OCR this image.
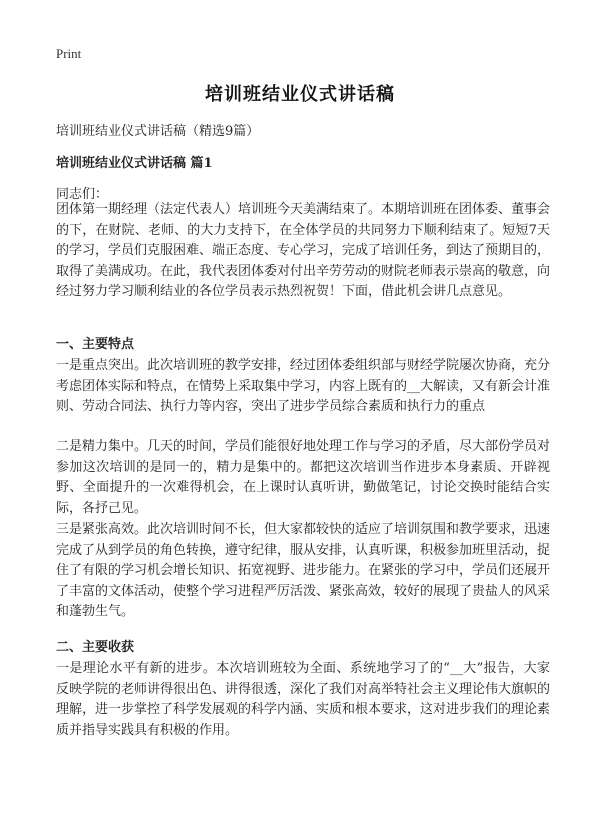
Print
培训班结业仪式讲话稿
培训班结业仪式讲话稿（精选9篇）
培训班结业仪式讲话稿 篇1
同志们：

团体第一期经理（法定代表人）培训班今天美满结束了。本期培训班在团体委、董事会的下，在财院、老师、的大力支持下，在全体学员的共同努力下顺利结束了。短短7天的学习，学员们克服困难、端正态度、专心学习，完成了培训任务，到达了预期目的，取得了美满成功。在此，我代表团体委对付出辛劳劳动的财院老师表示崇高的敬意，向经过努力学习顺利结业的各位学员表示热烈祝贺！下面，借此机会讲几点意见。

一、主要特点

一是重点突出。此次培训班的教学安排，经过团体委组织部与财经学院屡次协商，充分考虑团体实际和特点，在情势上采取集中学习，内容上既有的__大解读，又有新会计准则、劳动合同法、执行力等内容，突出了进步学员综合素质和执行力的重点

二是精力集中。几天的时间，学员们能很好地处理工作与学习的矛盾，尽大部份学员对参加这次培训的是同一的，精力是集中的。都把这次培训当作进步本身素质、开辟视野、全面提升的一次难得机会，在上课时认真听讲，勤做笔记，讨论交换时能结合实际，各抒己见。

三是紧张高效。此次培训时间不长，但大家都较快的适应了培训氛围和教学要求，迅速完成了从到学员的角色转换，遵守纪律，服从安排，认真听课，积极参加班里活动，捉住了有限的学习机会增长知识、拓宽视野、进步能力。在紧张的学习中，学员们还展开了丰富的文体活动，使整个学习进程严厉活泼、紧张高效，较好的展现了贵盐人的风采和蓬勃生气。

二、主要收获

一是理论水平有新的进步。本次培训班较为全面、系统地学习了的“__大”报告，大家反映学院的老师讲得很出色、讲得很透，深化了我们对高举特社会主义理论伟大旗帜的理解，进一步掌控了科学发展观的科学内涵、实质和根本要求，这对进步我们的理论素质并指导实践具有积极的作用。
